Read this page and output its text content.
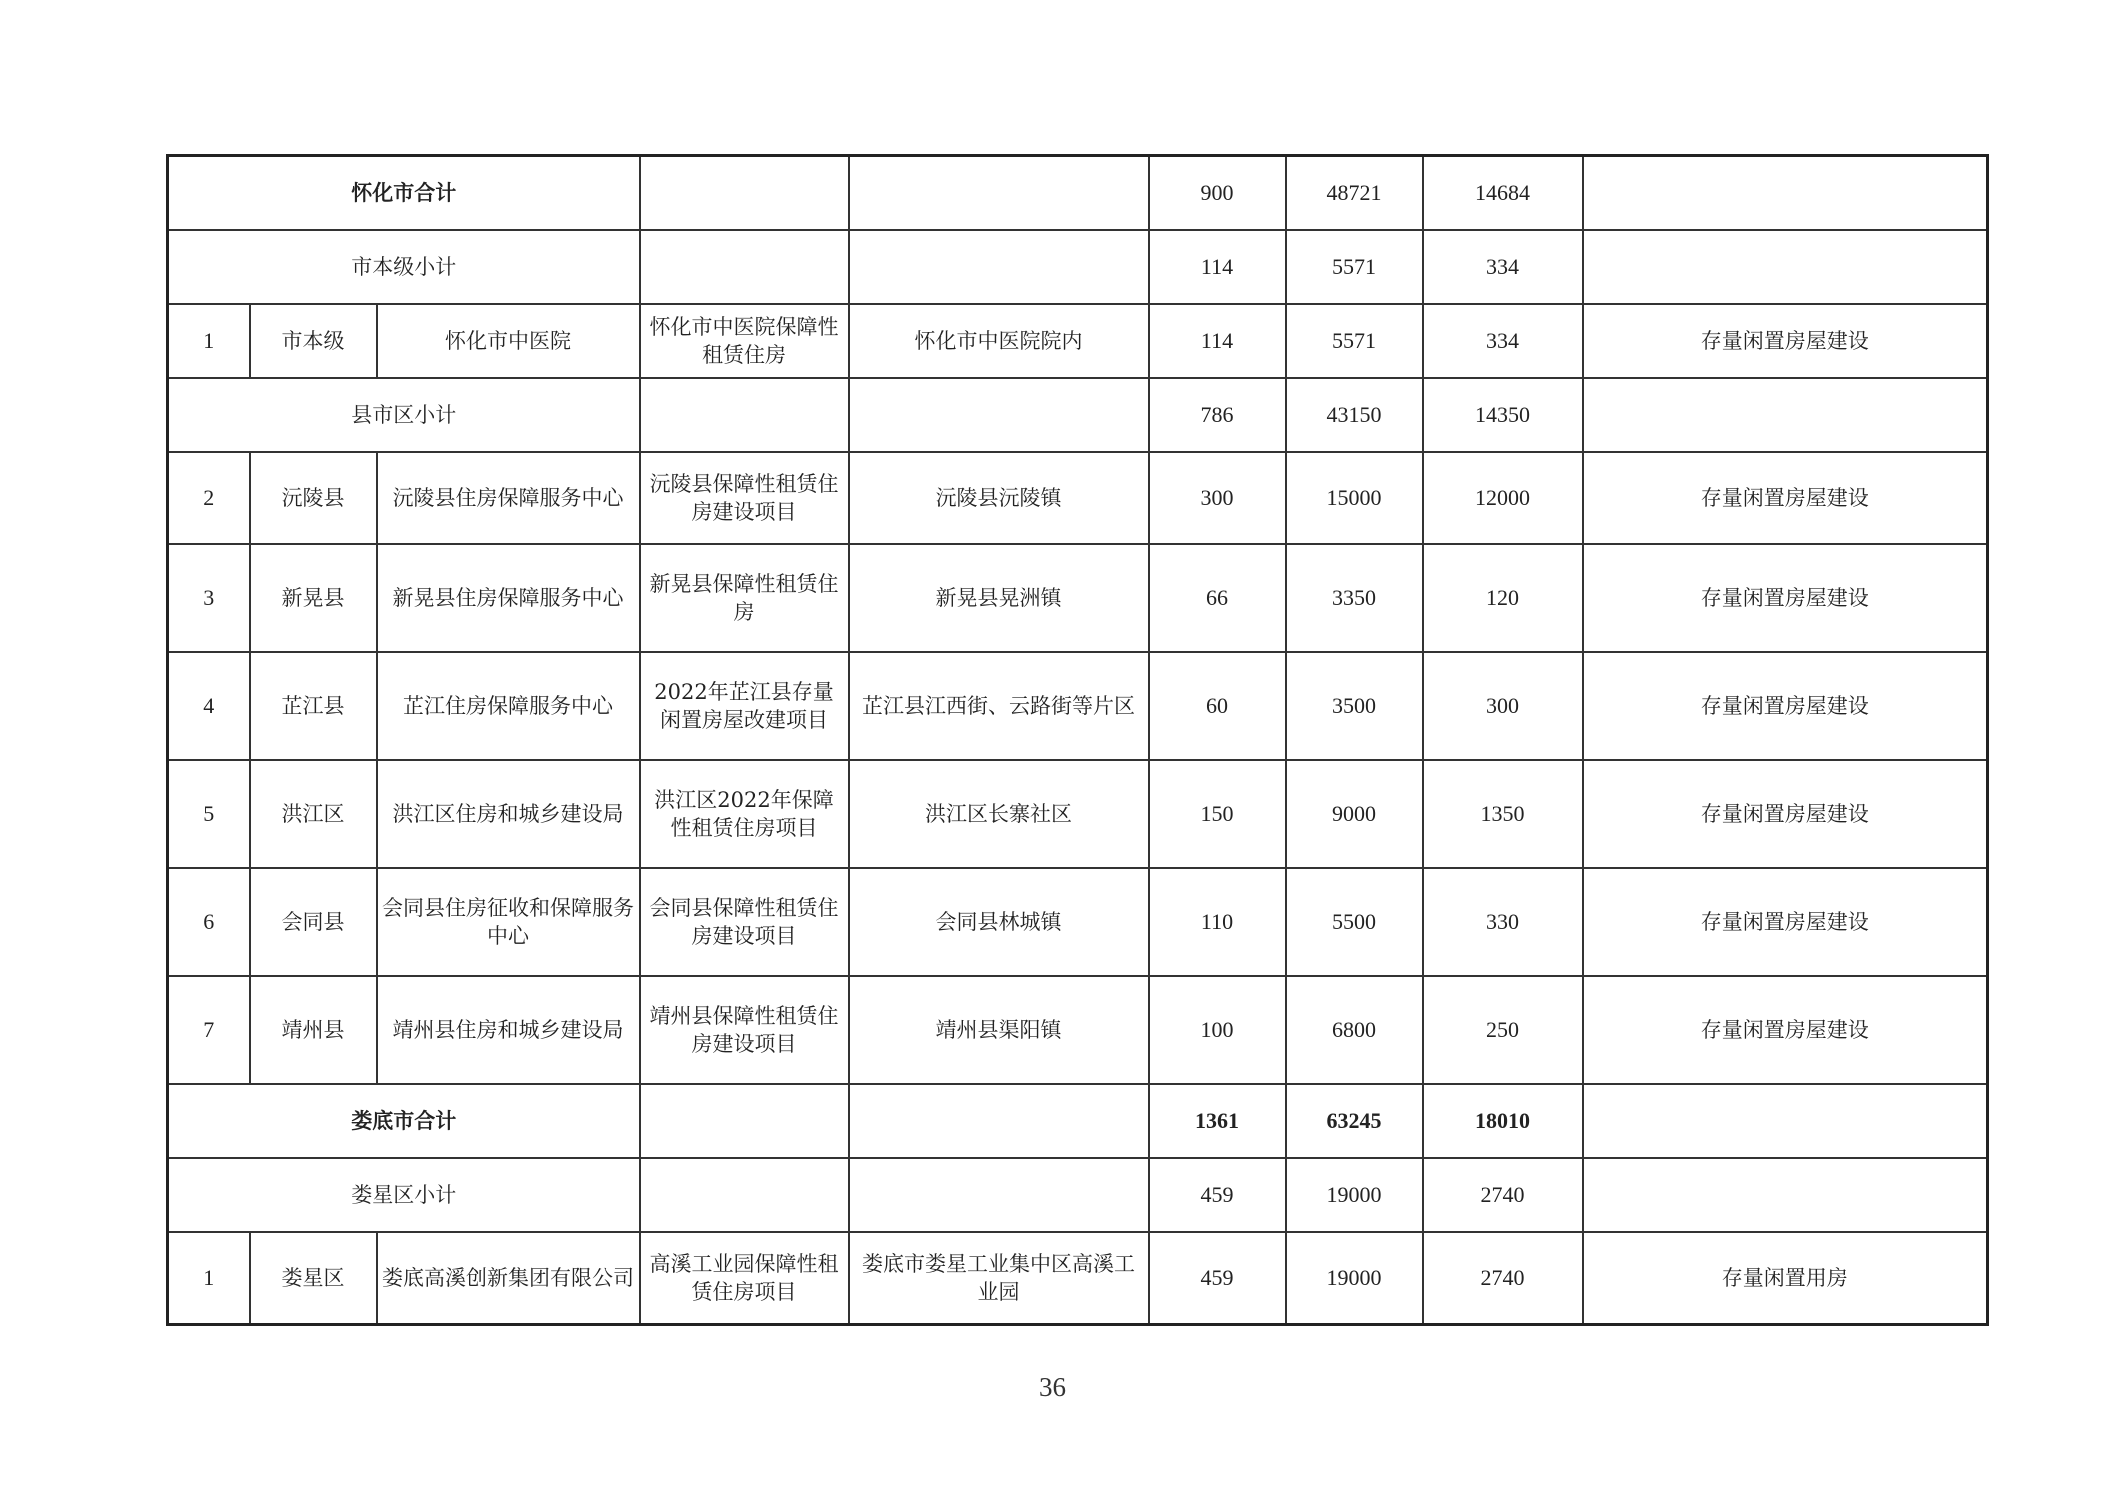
怀化市合计					900	48721	14684	
市本级小计					114	5571	334	
1	市本级	怀化市中医院	怀化市中医院保障性租赁住房	怀化市中医院院内	114	5571	334	存量闲置房屋建设
县市区小计					786	43150	14350	
2	沅陵县	沅陵县住房保障服务中心	沅陵县保障性租赁住房建设项目	沅陵县沅陵镇	300	15000	12000	存量闲置房屋建设
3	新晃县	新晃县住房保障服务中心	新晃县保障性租赁住房	新晃县晃洲镇	66	3350	120	存量闲置房屋建设
4	芷江县	芷江住房保障服务中心	2022年芷江县存量闲置房屋改建项目	芷江县江西街、云路街等片区	60	3500	300	存量闲置房屋建设
5	洪江区	洪江区住房和城乡建设局	洪江区2022年保障性租赁住房项目	洪江区长寨社区	150	9000	1350	存量闲置房屋建设
6	会同县	会同县住房征收和保障服务中心	会同县保障性租赁住房建设项目	会同县林城镇	110	5500	330	存量闲置房屋建设
7	靖州县	靖州县住房和城乡建设局	靖州县保障性租赁住房建设项目	靖州县渠阳镇	100	6800	250	存量闲置房屋建设
娄底市合计					1361	63245	18010	
娄星区小计					459	19000	2740	
1	娄星区	娄底高溪创新集团有限公司	高溪工业园保障性租赁住房项目	娄底市娄星工业集中区高溪工业园	459	19000	2740	存量闲置用房
36
